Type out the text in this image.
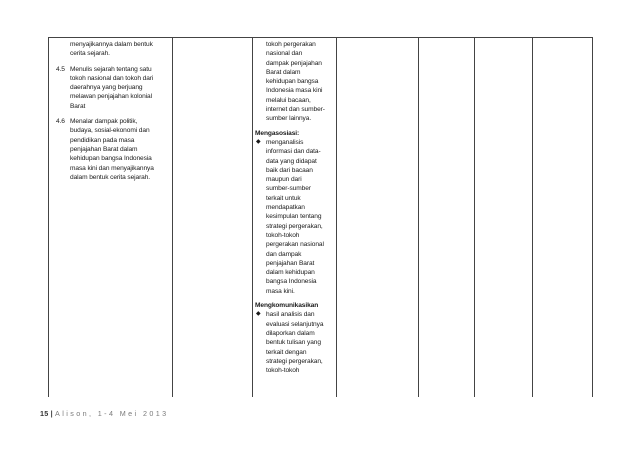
menyajikannya dalam bentuk
cerita sejarah.
4.5 Menulis sejarah tentang satu
tokoh nasional dan tokoh dari
daerahnya yang berjuang
melawan penjajahan kolonial
Barat
4.6 Menalar dampak politik,
budaya, sosial-ekonomi dan
pendidikan pada masa
penjajahan Barat dalam
kehidupan bangsa Indonesia
masa kini dan menyajikannya
dalam bentuk cerita sejarah.
tokoh pergerakan
nasional dan
dampak penjajahan
Barat dalam
kehidupan bangsa
Indonesia masa kini
melalui bacaan,
internet dan sumber-
sumber lainnya.
Mengasosiasi:
◆ menganalisis
informasi dan data-
data yang didapat
baik dari bacaan
maupun dari
sumber-sumber
terkait untuk
mendapatkan
kesimpulan tentang
strategi pergerakan,
tokoh-tokoh
pergerakan nasional
dan dampak
penjajahan Barat
dalam kehidupan
bangsa Indonesia
masa kini.
Mengkomunikasikan
◆ hasil analisis dan
evaluasi selanjutnya
dilaporkan dalam
bentuk tulisan yang
terkait dengan
strategi pergerakan,
tokoh-tokoh
15 | Alison, 1-4 Mei 2013
